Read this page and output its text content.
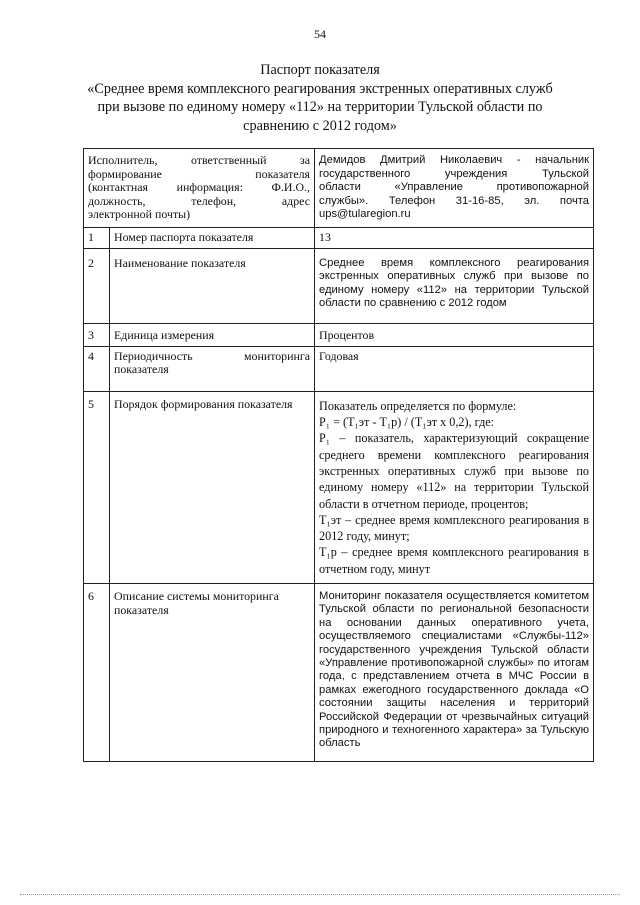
54
Паспорт показателя
«Среднее время комплексного реагирования экстренных оперативных служб
при вызове по единому номеру «112» на территории Тульской области по
сравнению с 2012 годом»
Исполнитель, ответственный за
формирование показателя
(контактная информация: Ф.И.О.,
должность, телефон, адрес
электронной почты)		Демидов Дмитрий Николаевич - начальник
государственного учреждения Тульской
области «Управление противопожарной
службы». Телефон 31-16-85, эл. почта
ups@tularegion.ru

1	Номер паспорта показателя	13
2	Наименование показателя	Среднее время комплексного реагирования экстренных оперативных служб при вызове по единому номеру «112» на территории Тульской области по сравнению с 2012 годом
3	Единица измерения	Процентов
4	Периодичность мониторинга показателя	Годовая
5	Порядок формирования показателя	Показатель определяется по формуле:
P₁ = (T₁эт - T₁р) / (T₁эт x 0,2), где:
P₁ – показатель, характеризующий сокращение среднего времени комплексного реагирования экстренных оперативных служб при вызове по единому номеру «112» на территории Тульской области в отчетном периоде, процентов;
T₁эт – среднее время комплексного реагирования в 2012 году, минут;
T₁р – среднее время комплексного реагирования в отчетном году, минут

6	Описание системы мониторинга показателя	Мониторинг показателя осуществляется комитетом Тульской области по региональной безопасности на основании данных оперативного учета, осуществляемого специалистами «Службы-112» государственного учреждения Тульской области «Управление противопожарной службы» по итогам года, с представлением отчета в МЧС России в рамках ежегодного государственного доклада «О состоянии защиты населения и территорий Российской Федерации от чрезвычайных ситуаций природного и техногенного характера» за Тульскую область
